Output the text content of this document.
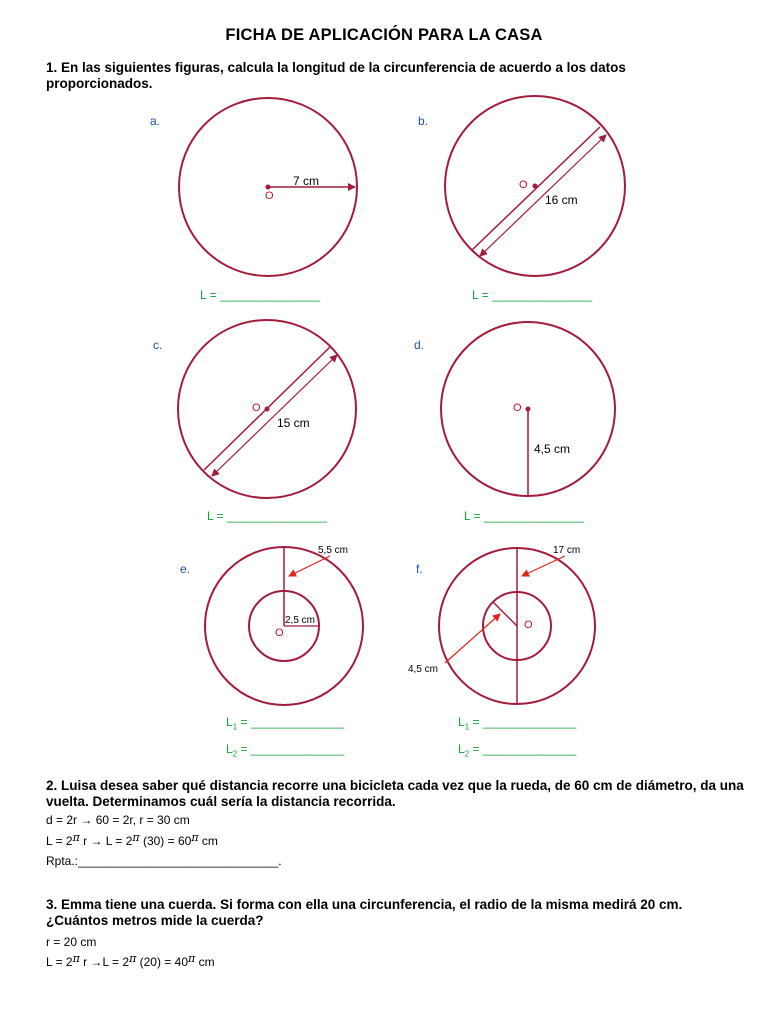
FICHA DE APLICACIÓN PARA LA CASA
1. En las siguientes figuras, calcula la longitud de la circunferencia de acuerdo a los datos proporcionados.
a.	b.
c.	d.
e.	f.
7 cm
16 cm
15 cm
4,5 cm
5,5 cm
2,5 cm
17 cm
4,5 cm
O
O
O	O
O
O
L = _______________	L = _______________
L = _______________	L = _______________
$L_1$ = ______________
$L_2$ = ______________
$L_1$ = ______________
$L_2$ = ______________
2. Luisa desea saber qué distancia recorre una bicicleta cada vez que la rueda, de 60 cm de diámetro, da una vuelta. Determinamos cuál sería la distancia recorrida.
d = 2r → 60 = 2r, r = 30 cm
L = 2π r → L = 2π (30) = 60π cm
Rpta.:______________________________.
3. Emma tiene una cuerda. Si forma con ella una circunferencia, el radio de la misma medirá 20 cm. ¿Cuántos metros mide la cuerda?
r = 20 cm
L = 2π r →L = 2π (20) = 40π cm
